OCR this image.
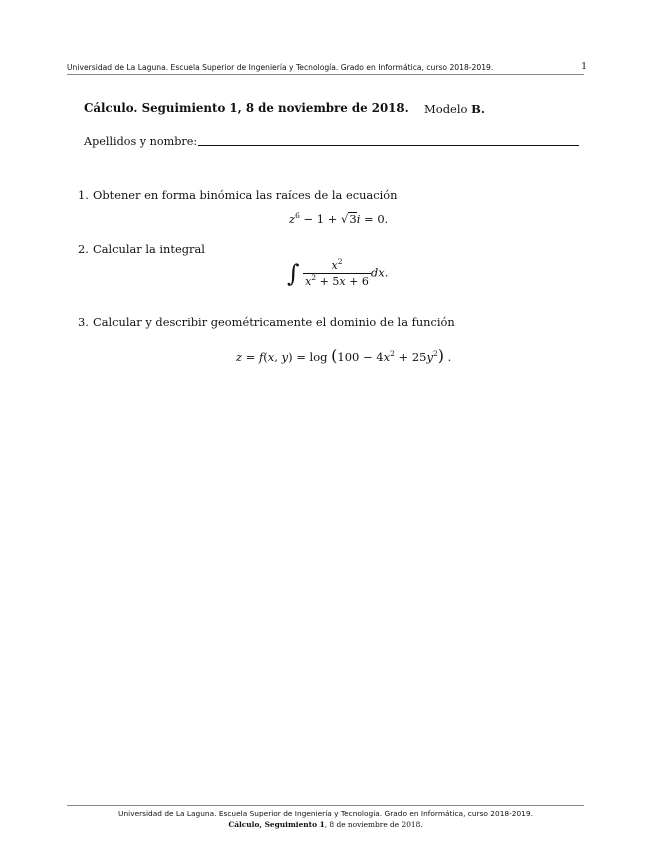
Universidad de La Laguna. Escuela Superior de Ingeniería y Tecnología. Grado en Informática, curso 2018-2019.	1
Cálculo. Seguimiento 1, 8 de noviembre de 2018. Modelo B.
Apellidos y nombre:
1. Obtener en forma binómica las raíces de la ecuación
$z^6 - 1 + √3i = 0$.
2. Calcular la integral
∫ $\frac{x^2}{x^2 + 5x + 6}$ dx.
3. Calcular y describir geométricamente el dominio de la función
z = f(x, $y) = \log (100 - 4x^2 + 25y^2)$ .
Universidad de La Laguna. Escuela Superior de Ingeniería y Tecnología. Grado en Informática, curso 2018-2019.
Cálculo, Seguimiento 1, 8 de noviembre de 2018.
